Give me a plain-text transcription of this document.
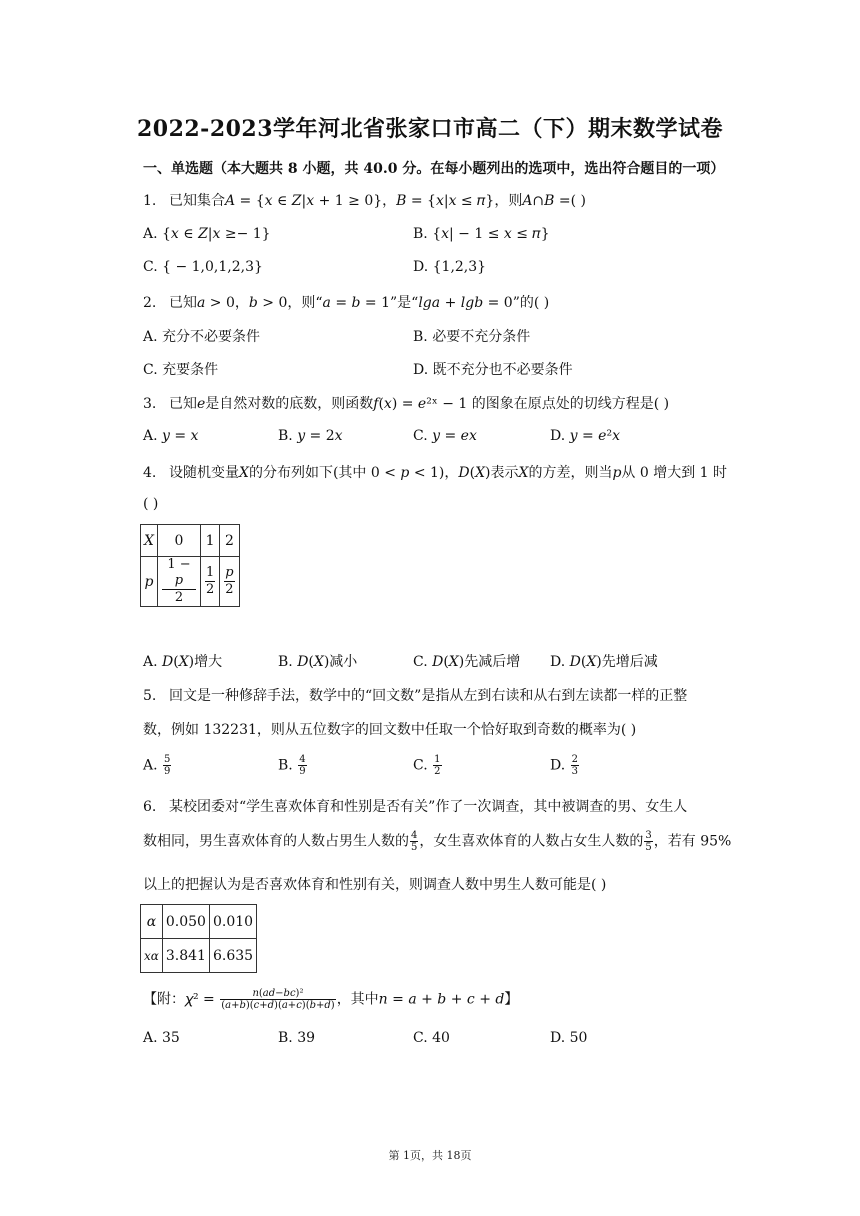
2022-2023学年河北省张家口市高二（下）期末数学试卷
一、单选题（本大题共 8 小题，共 40.0 分。在每小题列出的选项中，选出符合题目的一项）
1. 已知集合𝐴 = {𝑥 ∈ 𝑍|𝑥 + 1 ≥ 0}，𝐵 = {𝑥|𝑥 ≤ 𝜋}，则𝐴∩𝐵 =( )
A. {𝑥 ∈ 𝑍|𝑥 ≥− 1}	B. {𝑥| − 1 ≤ 𝑥 ≤ 𝜋}
C. { − 1,0,1,2,3}	D. {1,2,3}
2. 已知𝑎 > 0，𝑏 > 0，则“𝑎 = 𝑏 = 1”是“𝑙𝑔𝑎 + 𝑙𝑔𝑏 = 0”的( )
A. 充分不必要条件	B. 必要不充分条件
C. 充要条件	D. 既不充分也不必要条件
3. 已知𝑒是自然对数的底数，则函数𝑓(𝑥) = 𝑒²ˣ − 1 的图象在原点处的切线方程是( )
A. 𝑦 = 𝑥	B. 𝑦 = 2𝑥	C. 𝑦 = 𝑒𝑥	D. 𝑦 = 𝑒²𝑥
4. 设随机变量𝑋的分布列如下(其中 0 < 𝑝 < 1)，𝐷(𝑋)表示𝑋的方差，则当𝑝从 0 增大到 1 时
( )
𝑋	0	1	2
𝑝	$\frac{\text{1 − 𝑝}}{2}$	$\frac{1}{2}$	$\frac{\text{𝑝}}{2}$
A. 𝐷(𝑋)增大	B. 𝐷(𝑋)减小	C. 𝐷(𝑋)先减后增 D. 𝐷(𝑋)先增后减
5. 回文是一种修辞手法，数学中的“回文数”是指从左到右读和从右到左读都一样的正整
数，例如 132231，则从五位数字的回文数中任取一个恰好取到奇数的概率为( )
A. $\frac{5}{9}$	B. $\frac{4}{9}$	C. $\frac{1}{2}$	D. $\frac{2}{3}$
6. 某校团委对“学生喜欢体育和性别是否有关”作了一次调查，其中被调查的男、女生人
数相同，男生喜欢体育的人数占男生人数的 $\frac{4}{5}$ ，女生喜欢体育的人数占女生人数的 $\frac{3}{5}$ ，若有 95%
以上的把握认为是否喜欢体育和性别有关，则调查人数中男生人数可能是( )
𝛼	0.050	0.010
𝑥𝛼	3.841	6.635
【附：𝜒² = $\frac{\text{𝑛(𝑎𝑑−𝑏𝑐)²}}{\text{(𝑎+𝑏)(𝑐+𝑑)(𝑎+𝑐)(𝑏+𝑑)}}$ ，其中𝑛 = 𝑎 + 𝑏 + 𝑐 + 𝑑】
A. 35	B. 39	C. 40	D. 50
第 1页，共 18页
